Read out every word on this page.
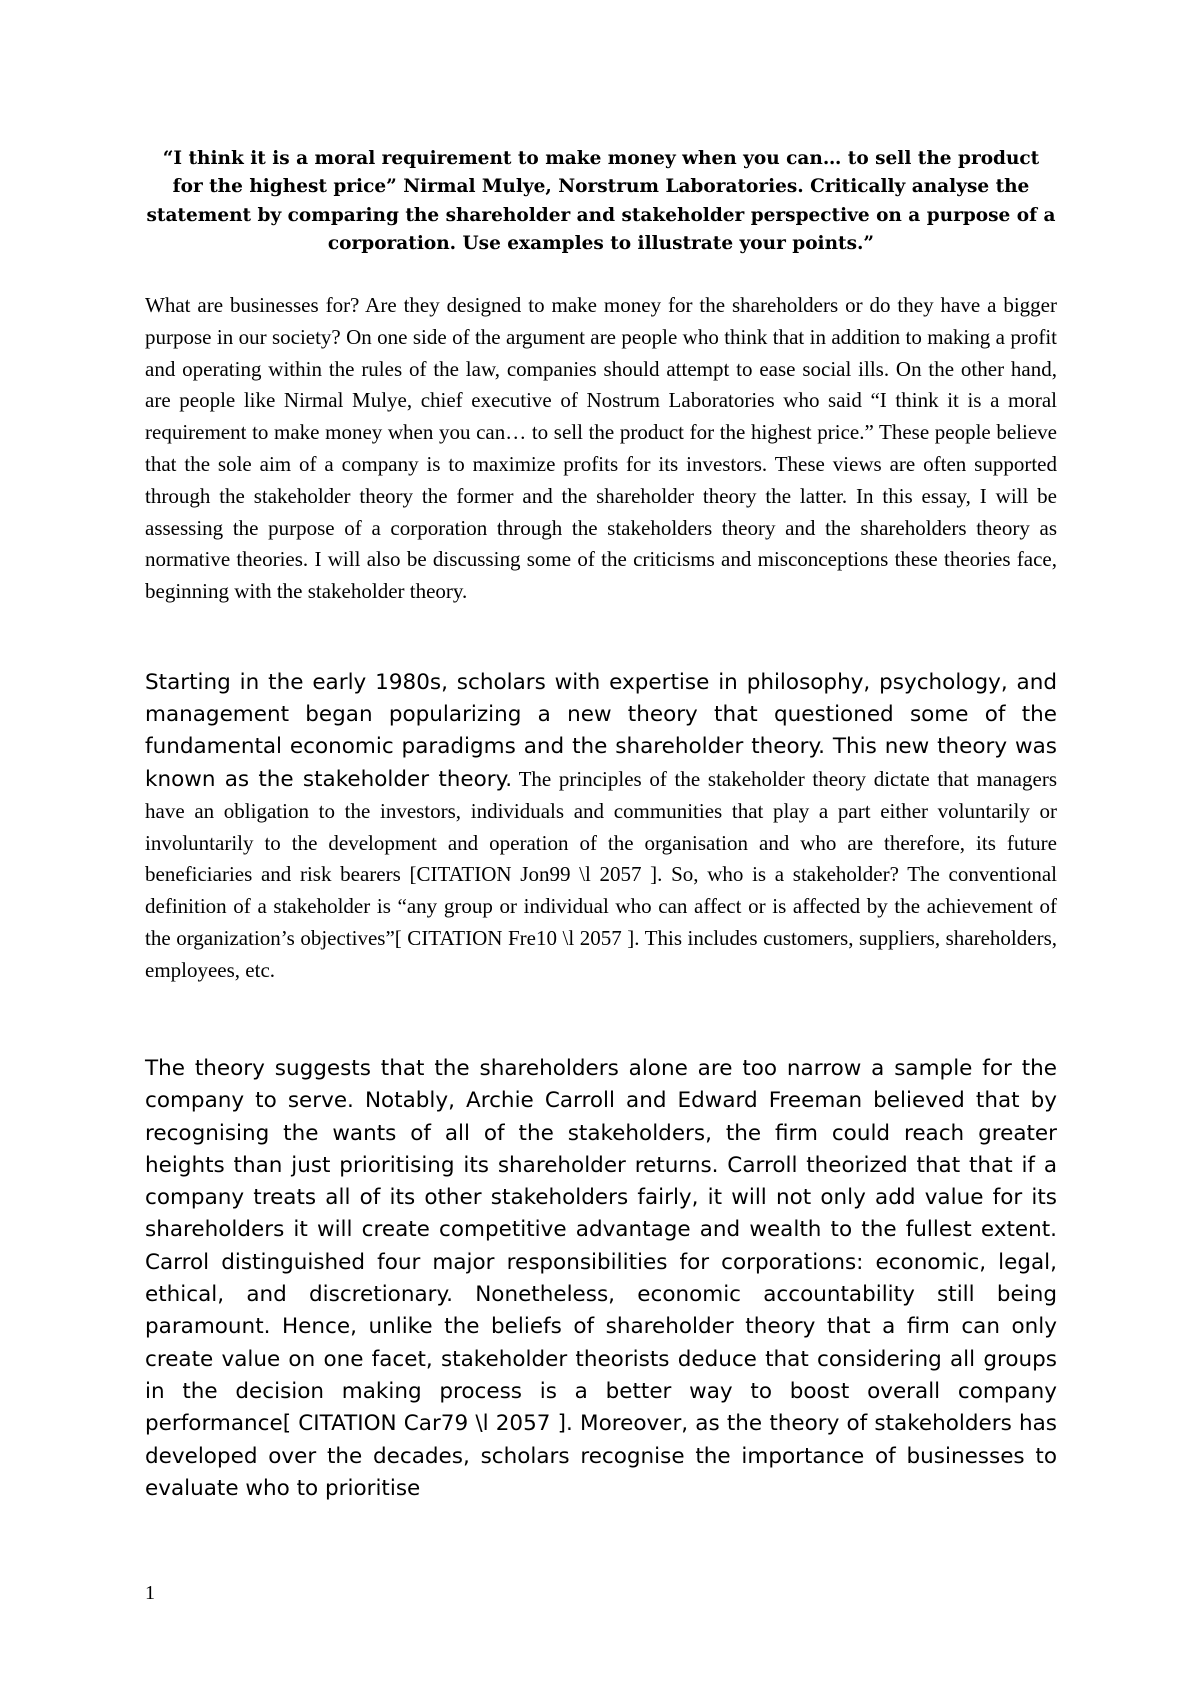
“I think it is a moral requirement to make money when you can… to sell the product for the highest price” Nirmal Mulye, Norstrum Laboratories. Critically analyse the statement by comparing the shareholder and stakeholder perspective on a purpose of a corporation. Use examples to illustrate your points.”

What are businesses for? Are they designed to make money for the shareholders or do they have a bigger purpose in our society? On one side of the argument are people who think that in addition to making a profit and operating within the rules of the law, companies should attempt to ease social ills. On the other hand, are people like Nirmal Mulye, chief executive of Nostrum Laboratories who said “I think it is a moral requirement to make money when you can… to sell the product for the highest price.” These people believe that the sole aim of a company is to maximize profits for its investors. These views are often supported through the stakeholder theory the former and the shareholder theory the latter. In this essay, I will be assessing the purpose of a corporation through the stakeholders theory and the shareholders theory as normative theories. I will also be discussing some of the criticisms and misconceptions these theories face, beginning with the stakeholder theory.

Starting in the early 1980s, scholars with expertise in philosophy, psychology, and management began popularizing a new theory that questioned some of the fundamental economic paradigms and the shareholder theory. This new theory was known as the stakeholder theory. The principles of the stakeholder theory dictate that managers have an obligation to the investors, individuals and communities that play a part either voluntarily or involuntarily to the development and operation of the organisation and who are therefore, its future beneficiaries and risk bearers [CITATION Jon99 \l 2057 ]. So, who is a stakeholder? The conventional definition of a stakeholder is “any group or individual who can affect or is affected by the achievement of the organization’s objectives”[ CITATION Fre10 \l 2057 ]. This includes customers, suppliers, shareholders, employees, etc.

The theory suggests that the shareholders alone are too narrow a sample for the company to serve. Notably, Archie Carroll and Edward Freeman believed that by recognising the wants of all of the stakeholders, the firm could reach greater heights than just prioritising its shareholder returns. Carroll theorized that that if a company treats all of its other stakeholders fairly, it will not only add value for its shareholders it will create competitive advantage and wealth to the fullest extent. Carrol distinguished four major responsibilities for corporations: economic, legal, ethical, and discretionary. Nonetheless, economic accountability still being paramount. Hence, unlike the beliefs of shareholder theory that a firm can only create value on one facet, stakeholder theorists deduce that considering all groups in the decision making process is a better way to boost overall company performance[ CITATION Car79 \l 2057 ]. Moreover, as the theory of stakeholders has developed over the decades, scholars recognise the importance of businesses to evaluate who to prioritise

1
